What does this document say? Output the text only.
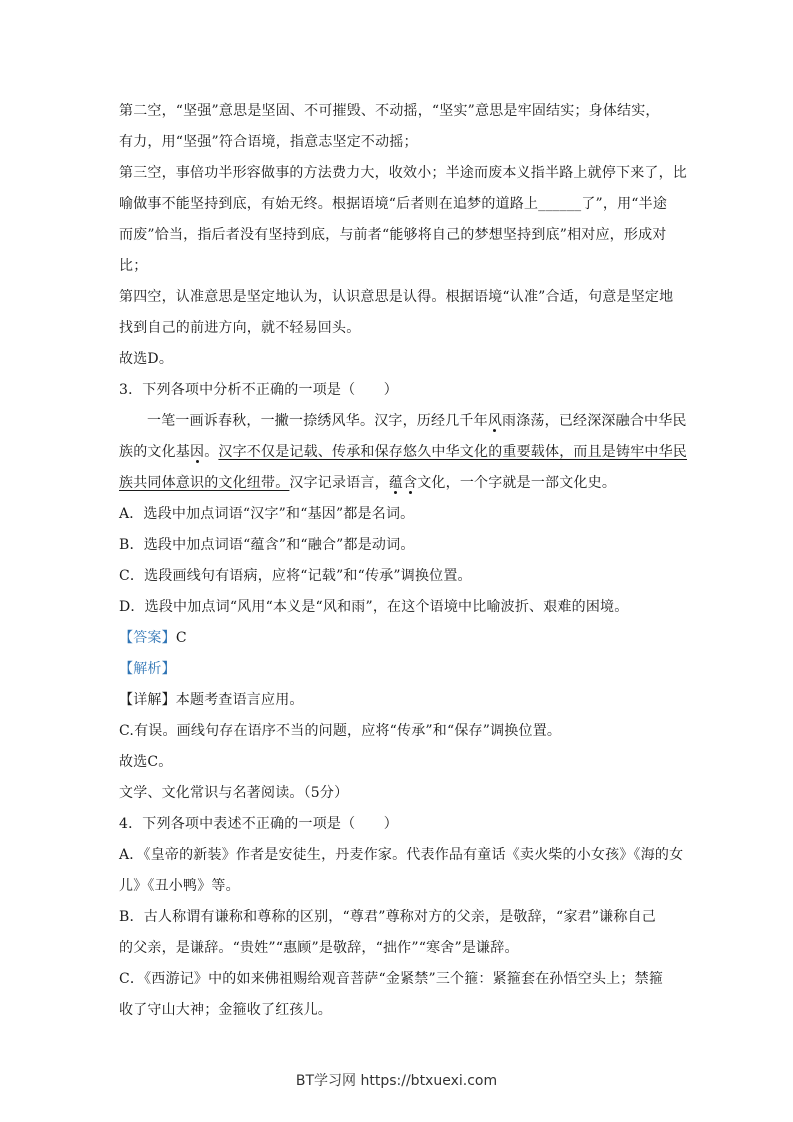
第二空，“坚强”意思是坚固、不可摧毁、不动摇，“坚实”意思是牢固结实；身体结实，
有力，用“坚强”符合语境，指意志坚定不动摇；
第三空，事倍功半形容做事的方法费力大，收效小；半途而废本义指半路上就停下来了，比
喻做事不能坚持到底，有始无终。根据语境“后者则在追梦的道路上______了”，用“半途
而废”恰当，指后者没有坚持到底，与前者“能够将自己的梦想坚持到底”相对应，形成对
比；
第四空，认准意思是坚定地认为，认识意思是认得。根据语境“认准”合适，句意是坚定地
找到自己的前进方向，就不轻易回头。
故选D。
3．下列各项中分析不正确的一项是（　　）
一笔一画诉春秋，一撇一捺绣风华。汉字，历经几千年风雨涤荡，已经深深融合中华民
族的文化基因。汉字不仅是记载、传承和保存悠久中华文化的重要载体，而且是铸牢中华民
族共同体意识的文化纽带。汉字记录语言，蕴含文化，一个字就是一部文化史。
A．选段中加点词语“汉字”和“基因”都是名词。
B．选段中加点词语“蕴含”和“融合”都是动词。
C．选段画线句有语病，应将“记载”和“传承”调换位置。
D．选段中加点词“风用“本义是“风和雨”，在这个语境中比喻波折、艰难的困境。
【答案】C
【解析】
【详解】本题考查语言应用。
C.有误。画线句存在语序不当的问题，应将“传承”和“保存”调换位置。
故选C。
文学、文化常识与名著阅读。（5分）
4．下列各项中表述不正确的一项是（　　）
A．《皇帝的新装》作者是安徒生，丹麦作家。代表作品有童话《卖火柴的小女孩》《海的女
儿》《丑小鸭》等。
B．古人称谓有谦称和尊称的区别，“尊君”尊称对方的父亲，是敬辞，“家君”谦称自己
的父亲，是谦辞。“贵姓”“惠顾”是敬辞，“拙作”“寒舍”是谦辞。
C．《西游记》中的如来佛祖赐给观音菩萨“金紧禁”三个箍：紧箍套在孙悟空头上；禁箍
收了守山大神；金箍收了红孩儿。
BT学习网 https://btxuexi.com
